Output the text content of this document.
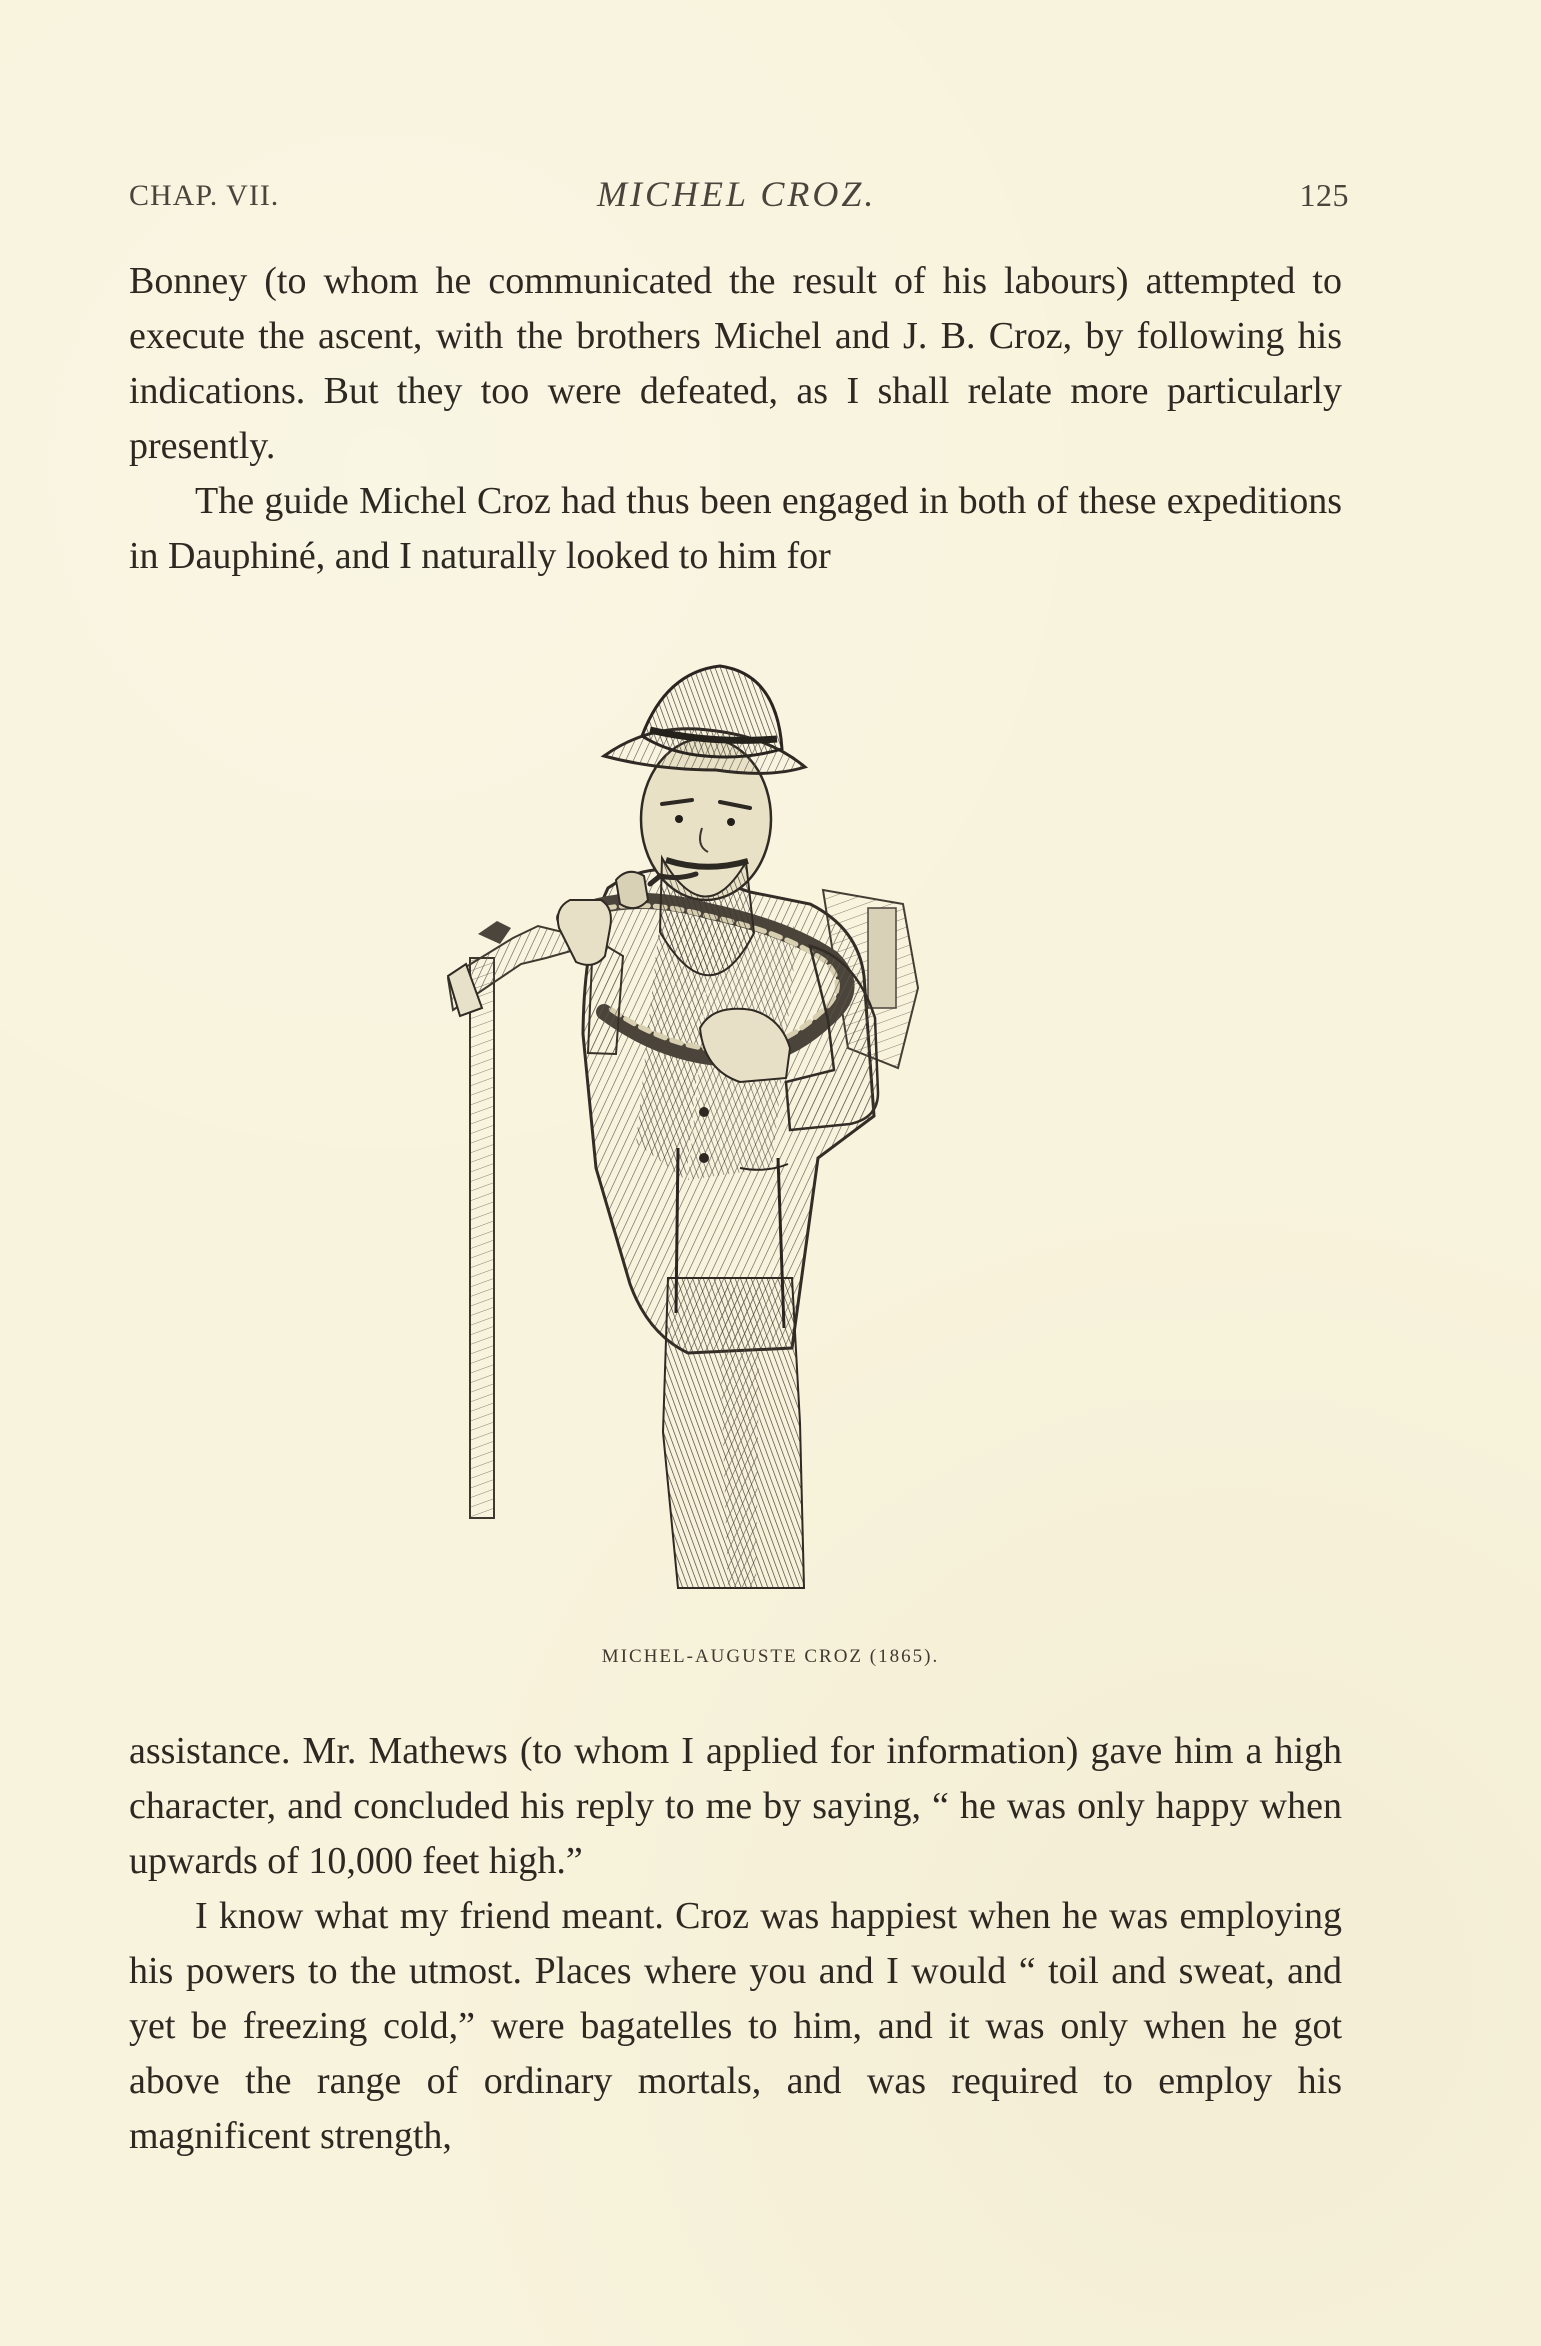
CHAP. VII.	MICHEL CROZ.	125

Bonney (to whom he communicated the result of his labours) attempted to execute the ascent, with the brothers Michel and J. B. Croz, by following his indications. But they too were defeated, as I shall relate more particularly presently.

The guide Michel Croz had thus been engaged in both of these expeditions in Dauphiné, and I naturally looked to him for

MICHEL-AUGUSTE CROZ (1865).

assistance. Mr. Mathews (to whom I applied for information) gave him a high character, and concluded his reply to me by saying, “ he was only happy when upwards of 10,000 feet high.”

I know what my friend meant. Croz was happiest when he was employing his powers to the utmost. Places where you and I would “ toil and sweat, and yet be freezing cold,” were bagatelles to him, and it was only when he got above the range of ordinary mortals, and was required to employ his magnificent strength,
